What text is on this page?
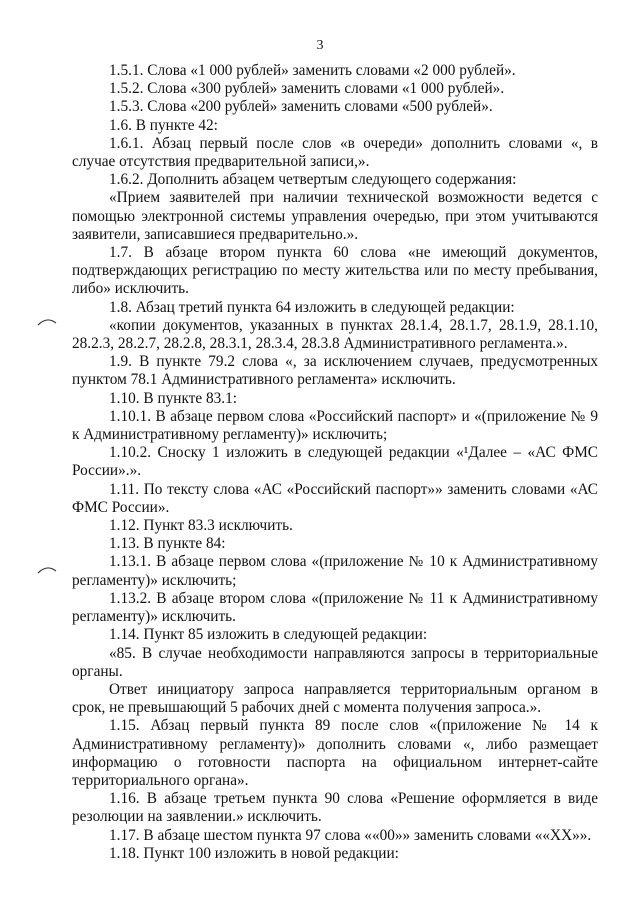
3

1.5.1. Слова «1 000 рублей» заменить словами «2 000 рублей».

1.5.2. Слова «300 рублей» заменить словами «1 000 рублей».

1.5.3. Слова «200 рублей» заменить словами «500 рублей».

1.6. В пункте 42:

1.6.1. Абзац первый после слов «в очереди» дополнить словами «, в случае отсутствия предварительной записи,».

1.6.2. Дополнить абзацем четвертым следующего содержания:

«Прием заявителей при наличии технической возможности ведется с помощью электронной системы управления очередью, при этом учитываются заявители, записавшиеся предварительно.».

1.7. В абзаце втором пункта 60 слова «не имеющий документов, подтверждающих регистрацию по месту жительства или по месту пребывания, либо» исключить.

1.8. Абзац третий пункта 64 изложить в следующей редакции:

«копии документов, указанных в пунктах 28.1.4, 28.1.7, 28.1.9, 28.1.10, 28.2.3, 28.2.7, 28.2.8, 28.3.1, 28.3.4, 28.3.8 Административного регламента.».

1.9. В пункте 79.2 слова «, за исключением случаев, предусмотренных пунктом 78.1 Административного регламента» исключить.

1.10. В пункте 83.1:

1.10.1. В абзаце первом слова «Российский паспорт» и «(приложение № 9 к Административному регламенту)» исключить;

1.10.2. Сноску 1 изложить в следующей редакции «¹Далее – «АС ФМС России».».

1.11. По тексту слова «АС «Российский паспорт»» заменить словами «АС ФМС России».

1.12. Пункт 83.3 исключить.

1.13. В пункте 84:

1.13.1. В абзаце первом слова «(приложение № 10 к Административному регламенту)» исключить;

1.13.2. В абзаце втором слова «(приложение № 11 к Административному регламенту)» исключить.

1.14. Пункт 85 изложить в следующей редакции:

«85. В случае необходимости направляются запросы в территориальные органы.

Ответ инициатору запроса направляется территориальным органом в срок, не превышающий 5 рабочих дней с момента получения запроса.».

1.15. Абзац первый пункта 89 после слов «(приложение № 14 к Административному регламенту)» дополнить словами «, либо размещает информацию о готовности паспорта на официальном интернет-сайте территориального органа».

1.16. В абзаце третьем пункта 90 слова «Решение оформляется в виде резолюции на заявлении.» исключить.

1.17. В абзаце шестом пункта 97 слова ««00»» заменить словами ««ХХ»».

1.18. Пункт 100 изложить в новой редакции:
